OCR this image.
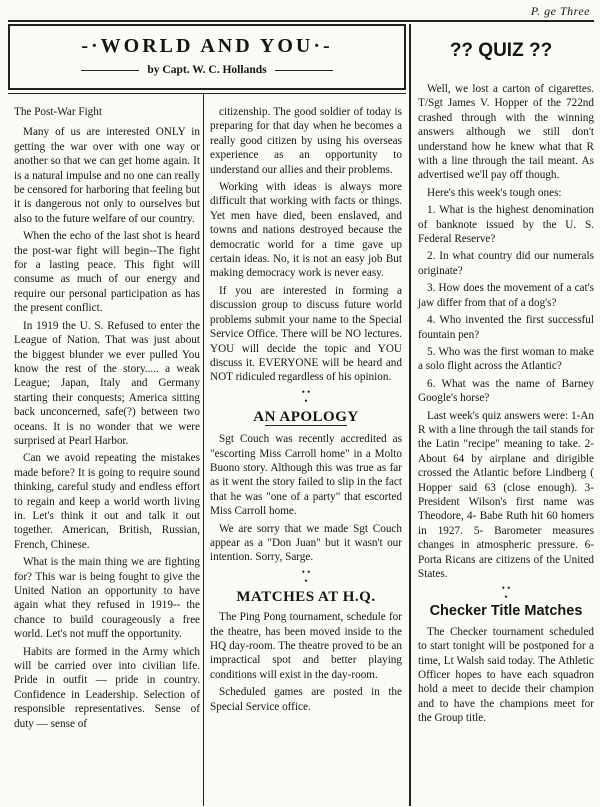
P. ge Three
-·WORLD AND YOU·-
by Capt. W. C. Hollands

The Post-War Fight

Many of us are interested ONLY in getting the war over with one way or another so that we can get home again. It is a natural impulse and no one can really be censored for harboring that feeling but it is dangerous not only to ourselves but also to the future welfare of our country.

When the echo of the last shot is heard the post-war fight will begin--The fight for a lasting peace. This fight will consume as much of our energy and require our personal participation as has the present conflict.

In 1919 the U. S. Refused to enter the League of Nation. That was just about the biggest blunder we ever pulled You know the rest of the story..... a weak League; Japan, Italy and Germany starting their conquests; America sitting back unconcerned, safe(?) between two oceans. It is no wonder that we were surprised at Pearl Harbor.

Can we avoid repeating the mistakes made before? It is going to require sound thinking, careful study and endless effort to regain and keep a world worth living in. Let's think it out and talk it out together. American, British, Russian, French, Chinese.

What is the main thing we are fighting for? This war is being fought to give the United Nation an opportunity to have again what they refused in 1919-- the chance to build courageously a free world. Let's not muff the opportunity.

Habits are formed in the Army which will be carried over into civilian life. Pride in outfit — pride in country. Confidence in Leadership. Selection of responsible representatives. Sense of duty — sense of

citizenship. The good soldier of today is preparing for that day when he becomes a really good citizen by using his overseas experience as an opportunity to understand our allies and their problems.

Working with ideas is always more difficult that working with facts or things. Yet men have died, been enslaved, and towns and nations destroyed because the democratic world for a time gave up certain ideas. No, it is not an easy job But making democracy work is never easy.

If you are interested in forming a discussion group to discuss future world problems submit your name to the Special Service Office. There will be NO lectures. YOU will decide the topic and YOU discuss it. EVERYONE will be heard and NOT ridiculed regardless of his opinion.

• •
•
AN APOLOGY

Sgt Couch was recently accredited as "escorting Miss Carroll home" in a Molto Buono story. Although this was true as far as it went the story failed to slip in the fact that he was "one of a party" that escorted Miss Carroll home.

We are sorry that we made Sgt Couch appear as a "Don Juan" but it wasn't our intention. Sorry, Sarge.

• •
•
MATCHES AT H.Q.

The Ping Pong tournament, schedule for the theatre, has been moved inside to the HQ day-room. The theatre proved to be an impractical spot and better playing conditions will exist in the day-room.

Scheduled games are posted in the Special Service office.

?? QUIZ ??

Well, we lost a carton of cigarettes. T/Sgt James V. Hopper of the 722nd crashed through with the winning answers although we still don't understand how he knew what that R with a line through the tail meant. As advertised we'll pay off though.

Here's this week's tough ones:

1. What is the highest denomination of banknote issued by the U. S. Federal Reserve?

2. In what country did our numerals originate?

3. How does the movement of a cat's jaw differ from that of a dog's?

4. Who invented the first successful fountain pen?

5. Who was the first woman to make a solo flight across the Atlantic?

6. What was the name of Barney Google's horse?

Last week's quiz answers were: 1-An R with a line through the tail stands for the Latin "recipe" meaning to take. 2-About 64 by airplane and dirigible crossed the Atlantic before Lindberg ( Hopper said 63 (close enough). 3- President Wilson's first name was Theodore, 4- Babe Ruth hit 60 homers in 1927. 5- Barometer measures changes in atmospheric pressure. 6- Porta Ricans are citizens of the United States.

• •
•
Checker Title Matches

The Checker tournament scheduled to start tonight will be postponed for a time, Lt Walsh said today. The Athletic Officer hopes to have each squadron hold a meet to decide their champion and to have the champions meet for the Group title.
